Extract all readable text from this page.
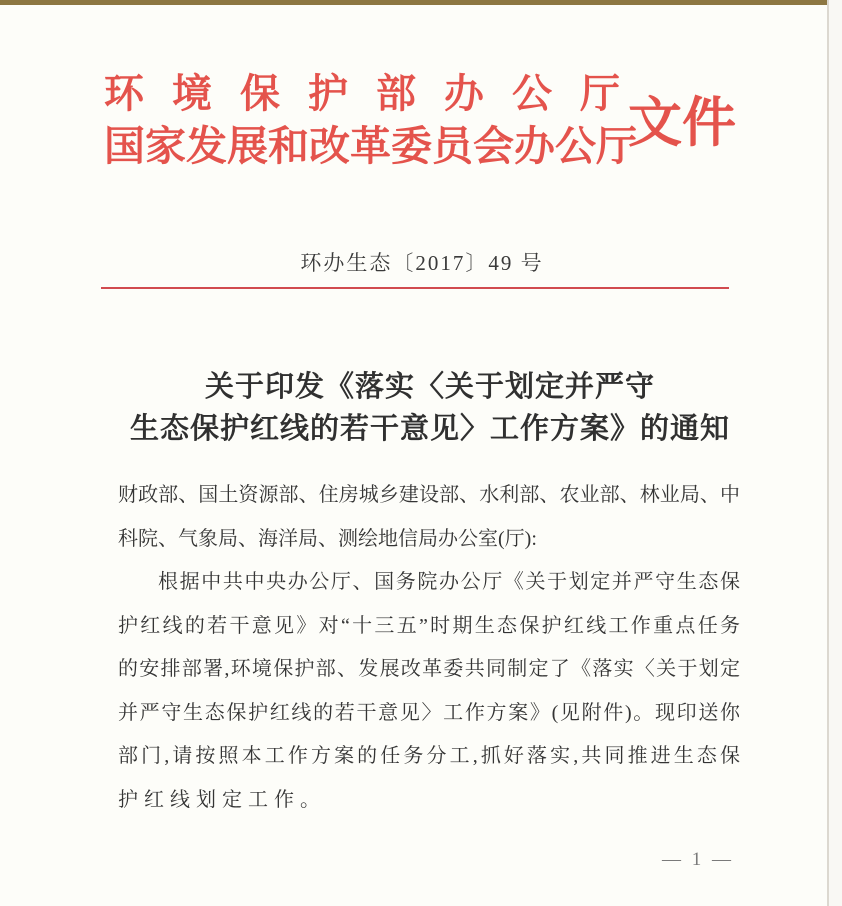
环境保护部办公厅
国家发展和改革委员会办公厅
文件
环办生态〔2017〕49 号
关于印发《落实〈关于划定并严守
生态保护红线的若干意见〉工作方案》的通知
财政部、国土资源部、住房城乡建设部、水利部、农业部、林业局、中
科院、气象局、海洋局、测绘地信局办公室(厅):
根据中共中央办公厅、国务院办公厅《关于划定并严守生态保
护红线的若干意见》对“十三五”时期生态保护红线工作重点任务
的安排部署,环境保护部、发展改革委共同制定了《落实〈关于划定
并严守生态保护红线的若干意见〉工作方案》(见附件)。现印送你
部门,请按照本工作方案的任务分工,抓好落实,共同推进生态保
护红线划定工作。
— 1 —
